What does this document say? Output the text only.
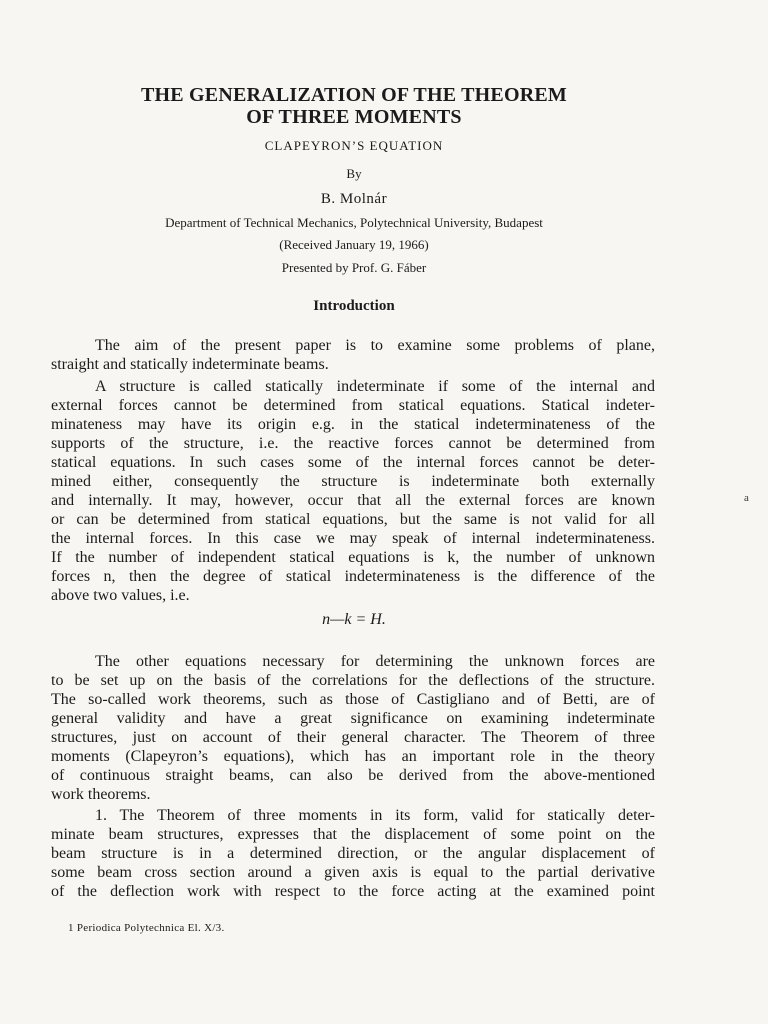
THE GENERALIZATION OF THE THEOREM
OF THREE MOMENTS
CLAPEYRON’S EQUATION
By
B. Molnár
Department of Technical Mechanics, Polytechnical University, Budapest
(Received January 19, 1966)
Presented by Prof. G. Fáber
Introduction
The aim of the present paper is to examine some problems of plane,
straight and statically indeterminate beams.
A structure is called statically indeterminate if some of the internal and
external forces cannot be determined from statical equations. Statical indeter-
minateness may have its origin e.g. in the statical indeterminateness of the
supports of the structure, i.e. the reactive forces cannot be determined from
statical equations. In such cases some of the internal forces cannot be deter-
mined either, consequently the structure is indeterminate both externally
and internally. It may, however, occur that all the external forces are known
or can be determined from statical equations, but the same is not valid for all
the internal forces. In this case we may speak of internal indeterminateness.
If the number of independent statical equations is k, the number of unknown
forces n, then the degree of statical indeterminateness is the difference of the
above two values, i.e.
n—k = H.
The other equations necessary for determining the unknown forces are
to be set up on the basis of the correlations for the deflections of the structure.
The so-called work theorems, such as those of Castigliano and of Betti, are of
general validity and have a great significance on examining indeterminate
structures, just on account of their general character. The Theorem of three
moments (Clapeyron’s equations), which has an important role in the theory
of continuous straight beams, can also be derived from the above-mentioned
work theorems.
1. The Theorem of three moments in its form, valid for statically deter-
minate beam structures, expresses that the displacement of some point on the
beam structure is in a determined direction, or the angular displacement of
some beam cross section around a given axis is equal to the partial derivative
of the deflection work with respect to the force acting at the examined point
1 Periodica Polytechnica El. X/3.
a
